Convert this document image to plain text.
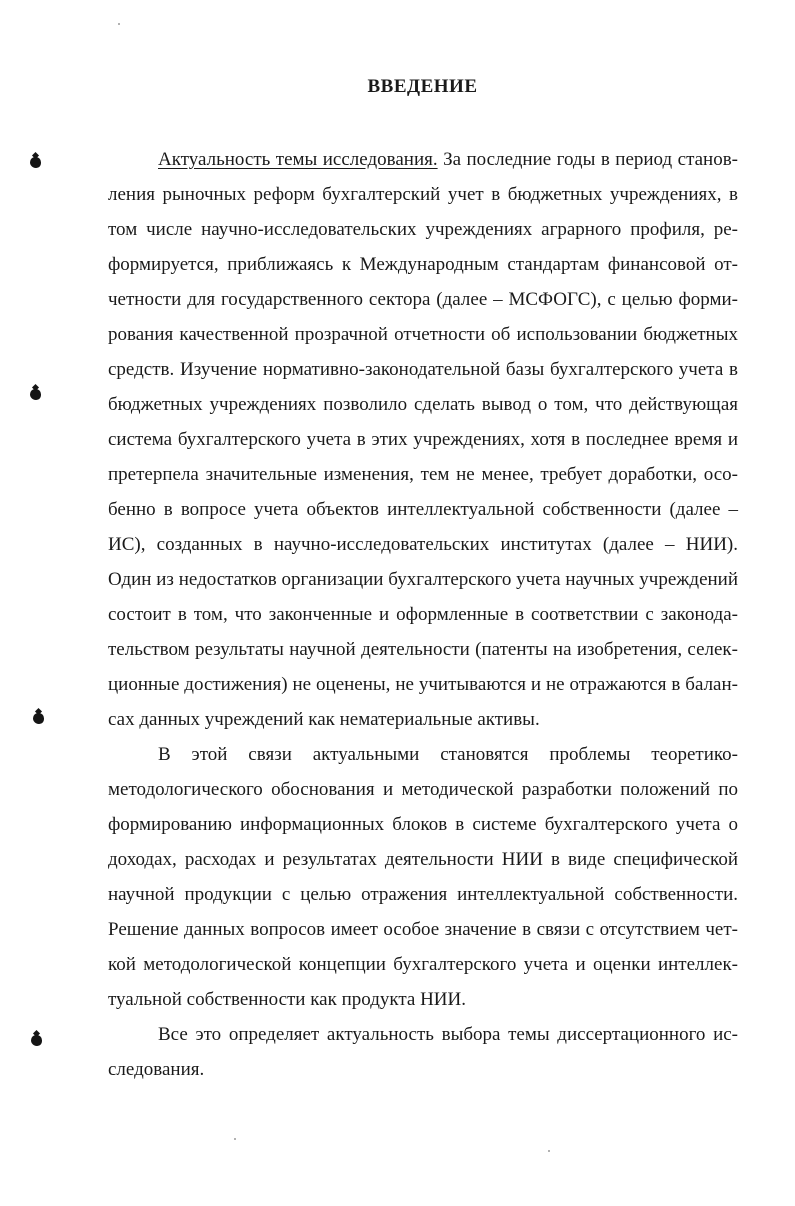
ВВЕДЕНИЕ

Актуальность темы исследования. За последние годы в период станов-

ления рыночных реформ бухгалтерский учет в бюджетных учреждениях, в

том числе научно-исследовательских учреждениях аграрного профиля, ре-

формируется, приближаясь к Международным стандартам финансовой от-

четности для государственного сектора (далее – МСФОГС), с целью форми-

рования качественной прозрачной отчетности об использовании бюджетных

средств. Изучение нормативно-законодательной базы бухгалтерского учета в

бюджетных учреждениях позволило сделать вывод о том, что действующая

система бухгалтерского учета в этих учреждениях, хотя в последнее время и

претерпела значительные изменения, тем не менее, требует доработки, осо-

бенно в вопросе учета объектов интеллектуальной собственности (далее –

ИС), созданных в научно-исследовательских институтах (далее – НИИ).

Один из недостатков организации бухгалтерского учета научных учреждений

состоит в том, что законченные и оформленные в соответствии с законода-

тельством результаты научной деятельности (патенты на изобретения, селек-

ционные достижения) не оценены, не учитываются и не отражаются в балан-

сах данных учреждений как нематериальные активы.

В этой связи актуальными становятся проблемы теоретико-

методологического обоснования и методической разработки положений по

формированию информационных блоков в системе бухгалтерского учета о

доходах, расходах и результатах деятельности НИИ в виде специфической

научной продукции с целью отражения интеллектуальной собственности.

Решение данных вопросов имеет особое значение в связи с отсутствием чет-

кой методологической концепции бухгалтерского учета и оценки интеллек-

туальной собственности как продукта НИИ.

Все это определяет актуальность выбора темы диссертационного ис-

следования.
